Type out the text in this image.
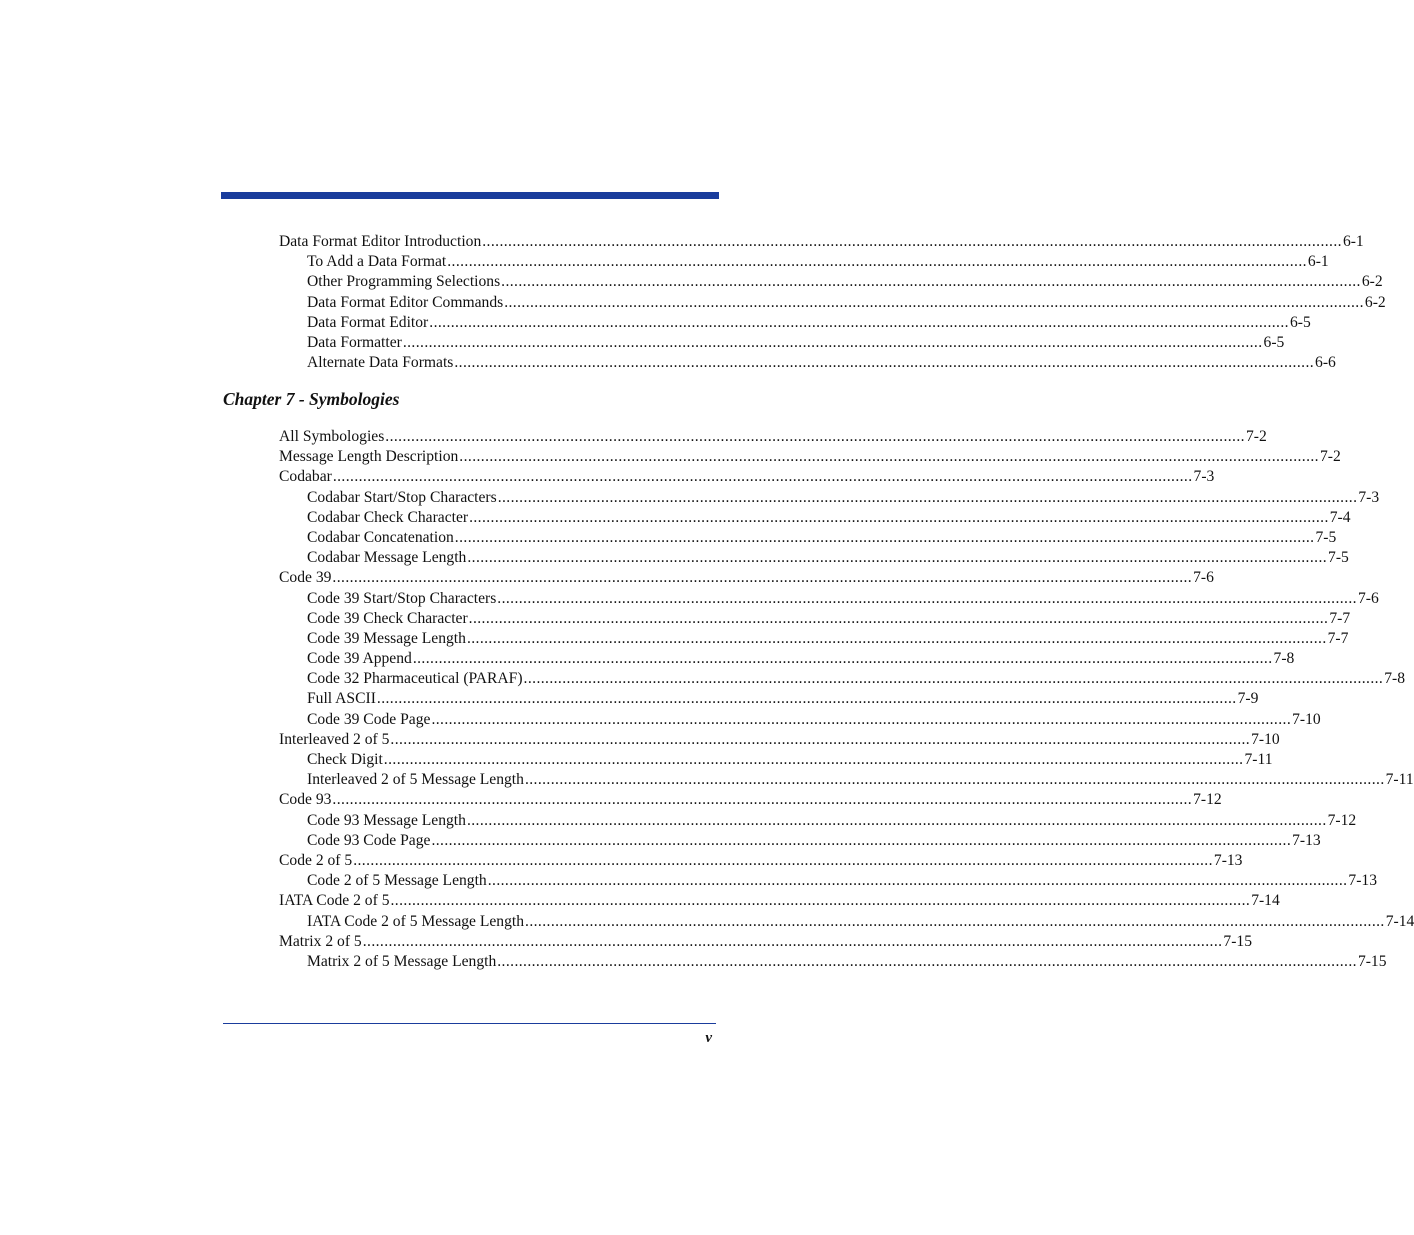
Data Format Editor Introduction ........................................................................................................................................................................................................ 6-1
To Add a Data Format ........................................................................................................................................................................................................ 6-1
Other Programming Selections ........................................................................................................................................................................................................ 6-2
Data Format Editor Commands ........................................................................................................................................................................................................ 6-2
Data Format Editor ........................................................................................................................................................................................................ 6-5
Data Formatter ........................................................................................................................................................................................................ 6-5
Alternate Data Formats ........................................................................................................................................................................................................ 6-6
Chapter 7 - Symbologies
All Symbologies ........................................................................................................................................................................................................ 7-2
Message Length Description ........................................................................................................................................................................................................ 7-2
Codabar ........................................................................................................................................................................................................ 7-3
Codabar Start/Stop Characters ........................................................................................................................................................................................................ 7-3
Codabar Check Character ........................................................................................................................................................................................................ 7-4
Codabar Concatenation ........................................................................................................................................................................................................ 7-5
Codabar Message Length ........................................................................................................................................................................................................ 7-5
Code 39 ........................................................................................................................................................................................................ 7-6
Code 39 Start/Stop Characters ........................................................................................................................................................................................................ 7-6
Code 39 Check Character ........................................................................................................................................................................................................ 7-7
Code 39 Message Length ........................................................................................................................................................................................................ 7-7
Code 39 Append ........................................................................................................................................................................................................ 7-8
Code 32 Pharmaceutical (PARAF) ........................................................................................................................................................................................................ 7-8
Full ASCII ........................................................................................................................................................................................................ 7-9
Code 39 Code Page ........................................................................................................................................................................................................ 7-10
Interleaved 2 of 5 ........................................................................................................................................................................................................ 7-10
Check Digit ........................................................................................................................................................................................................ 7-11
Interleaved 2 of 5 Message Length ........................................................................................................................................................................................................ 7-11
Code 93 ........................................................................................................................................................................................................ 7-12
Code 93 Message Length ........................................................................................................................................................................................................ 7-12
Code 93 Code Page ........................................................................................................................................................................................................ 7-13
Code 2 of 5 ........................................................................................................................................................................................................ 7-13
Code 2 of 5 Message Length ........................................................................................................................................................................................................ 7-13
IATA Code 2 of 5 ........................................................................................................................................................................................................ 7-14
IATA Code 2 of 5 Message Length ........................................................................................................................................................................................................ 7-14
Matrix 2 of 5 ........................................................................................................................................................................................................ 7-15
Matrix 2 of 5 Message Length ........................................................................................................................................................................................................ 7-15
v
